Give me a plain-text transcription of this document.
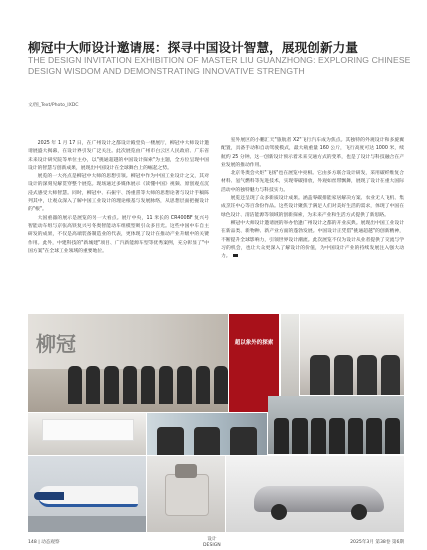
柳冠中大师设计邀请展：探寻中国设计智慧，展现创新力量
THE DESIGN INVITATION EXHIBITION OF MASTER LIU GUANZHONG: EXPLORING CHINESE DESIGN WISDOM AND DEMONSTRATING INNOVATIVE STRENGTH
文/图_Text/Photo_IXDC

2025 年 1 月 17 日，在广州设计之都设计殿堂负一楼展厅，柳冠中大师设计邀请展盛大揭幕，在设计界引发广泛关注。此次展览由广州市白云区人民政府、广东省未来设计研究院等单位主办，以"挑通超越的中国设计探索"为主题，全方位呈现中国设计的智慧与创新成果，展现出中国设计在全球舞台上的崛起之势。

展览的一大亮点是柳冠中大师的思想引领。柳冠中作为中国工业设计之父，其对设计的深刻见解贯穿整个展览。现场通过多媒体展示《读懂中国》视频、原创观点沉浸式感受大师智慧。同时，柳冠中、石振宇、汤重熹等大师的思想论著与设计手稿陈列其中，让观众深入了解中国工业设计的理论根基与发展脉络，从思想层面把握设计的"根"。

大国重器的展示是展览的另一大看点。展厅中央，11 米长的 CR400BF 复兴号智能动车组与京张高铁复兴号冬奥智能动车组模型吸引众多目光。这些中国中车自主研发的成果，不仅是高端装备制造业的代表，更体现了设计在推动产业升级中的关键作用。此外，中建科技的"新城建"项目、广汽新能源车型等优秀案例，充分彰显了"中国方案"在全球工业领域的重要地位。

室外展区的小鹏汇天"旅航者 X2"飞行汽车成为焦点。其独特的外观设计和多旋翼配置，具备手动和自动驾驶模式，最大载重量 160 公斤，飞行高度可达 1000 米，续航约 25 分钟。这一创新设计预示着未来交通方式的变革，也是了设计与科技融合在产业发展的推动作用。

北京冬奥会火炬"飞扬"也在展览中亮相。它由多方联合设计研发，采用碳纤维复合材料、氢气燃料等先进技术，实现零碳排放，外观如丝带飘舞，展现了设计在重大国际活动中的独特魅力与科技实力。

展览还呈现了众多新质设计成果。涵盖零碳排能家居解决方案、农业无人飞机、集成烹饪中心等百余份作品。这些设计聚焦于满足人们对美好生活的需求，体现了中国在绿色设计、清洁能源等领域的创新探索，为未来产业和生活方式提供了新思路。

柳冠中大师设计邀请展的举办恰逢广州设计之都的开业庆典。展现出中国工业设计在新品类、新物种、新产业方面的蓬勃发展。中国设计正凭借"挑通超越"的创新精神，不断提升全球影响力，引领世界设计潮流。此次展览不仅为设计从业者提供了交流与学习的机会，也让大众更深入了解设计的价值，为中国设计产业的持续发展注入强大动力。

柳冠	超以象外的探索
148 | 动态观察
设计
DESIGN	2025年3月 第38卷 第6期
